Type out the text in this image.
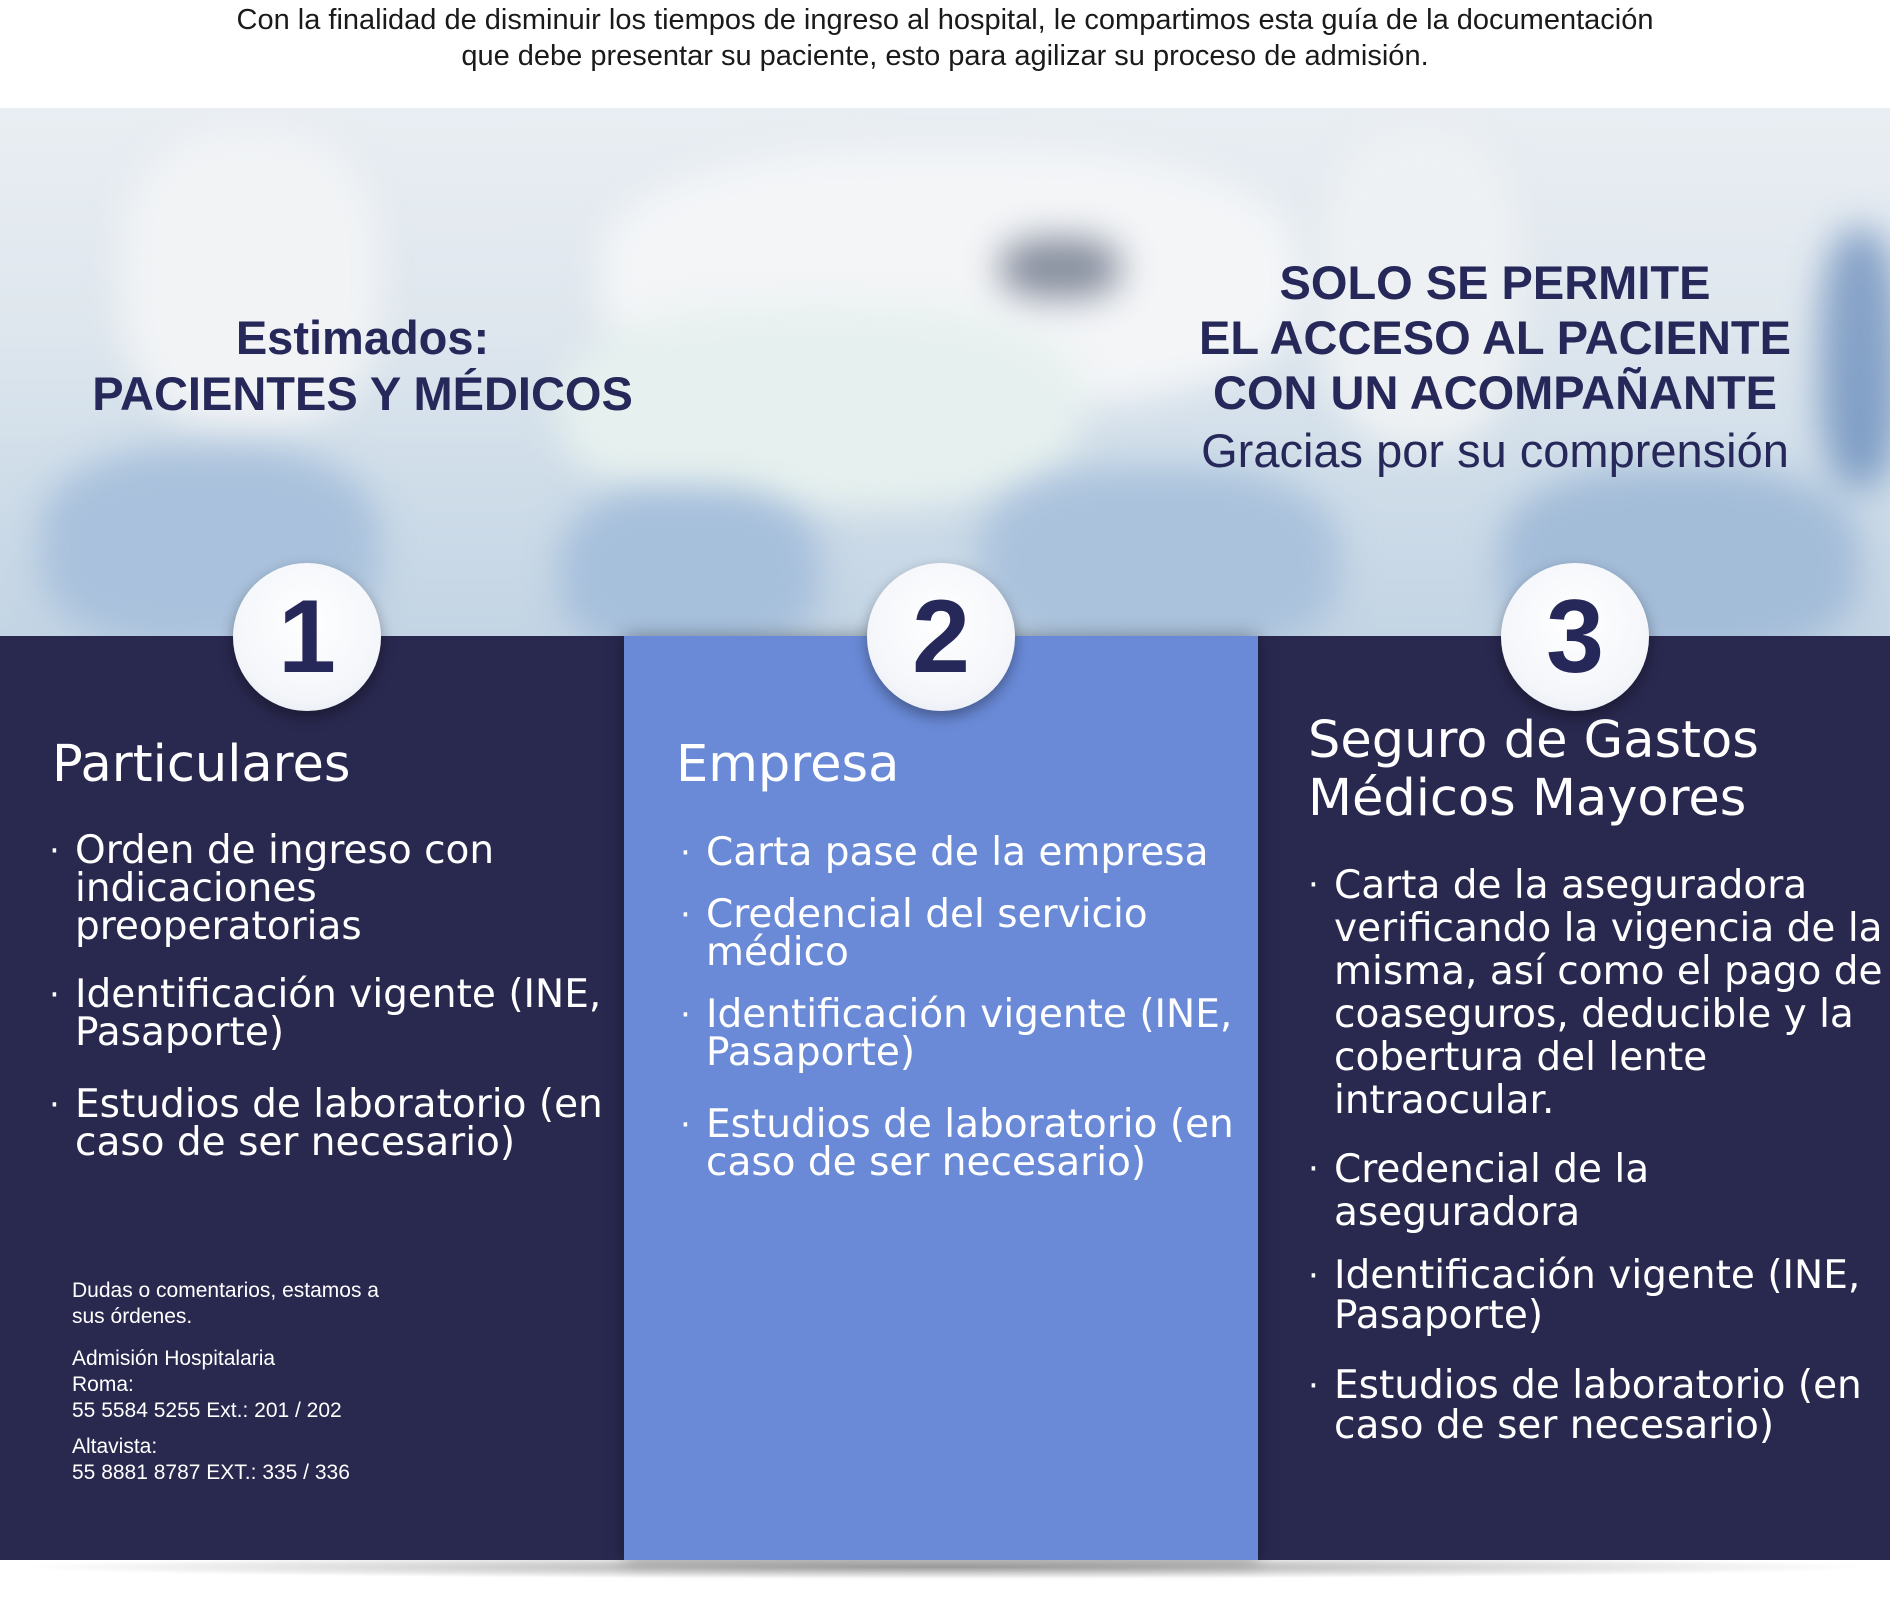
Con la finalidad de disminuir los tiempos de ingreso al hospital, le compartimos esta guía de la documentación
que debe presentar su paciente, esto para agilizar su proceso de admisión.
Estimados:
PACIENTES Y MÉDICOS
SOLO SE PERMITE
EL ACCESO AL PACIENTE
CON UN ACOMPAÑANTE
Gracias por su comprensión
Particulares
· Orden de ingreso con indicaciones preoperatorias
· Identificación vigente (INE, Pasaporte)
· Estudios de laboratorio (en caso de ser necesario)

Dudas o comentarios, estamos a
sus órdenes.

Admisión Hospitalaria

Roma:

55 5584 5255 Ext.: 201 / 202

Altavista:

55 8881 8787 EXT.: 335 / 336

Empresa
· Carta pase de la empresa
· Credencial del servicio médico
· Identificación vigente (INE, Pasaporte)
· Estudios de laboratorio (en caso de ser necesario)
Seguro de Gastos Médicos Mayores
· Carta de la aseguradora verificando la vigencia de la misma, así como el pago de coaseguros, deducible y la cobertura del lente intraocular.
· Credencial de la aseguradora
· Identificación vigente (INE, Pasaporte)
· Estudios de laboratorio (en caso de ser necesario)
1	2	3
